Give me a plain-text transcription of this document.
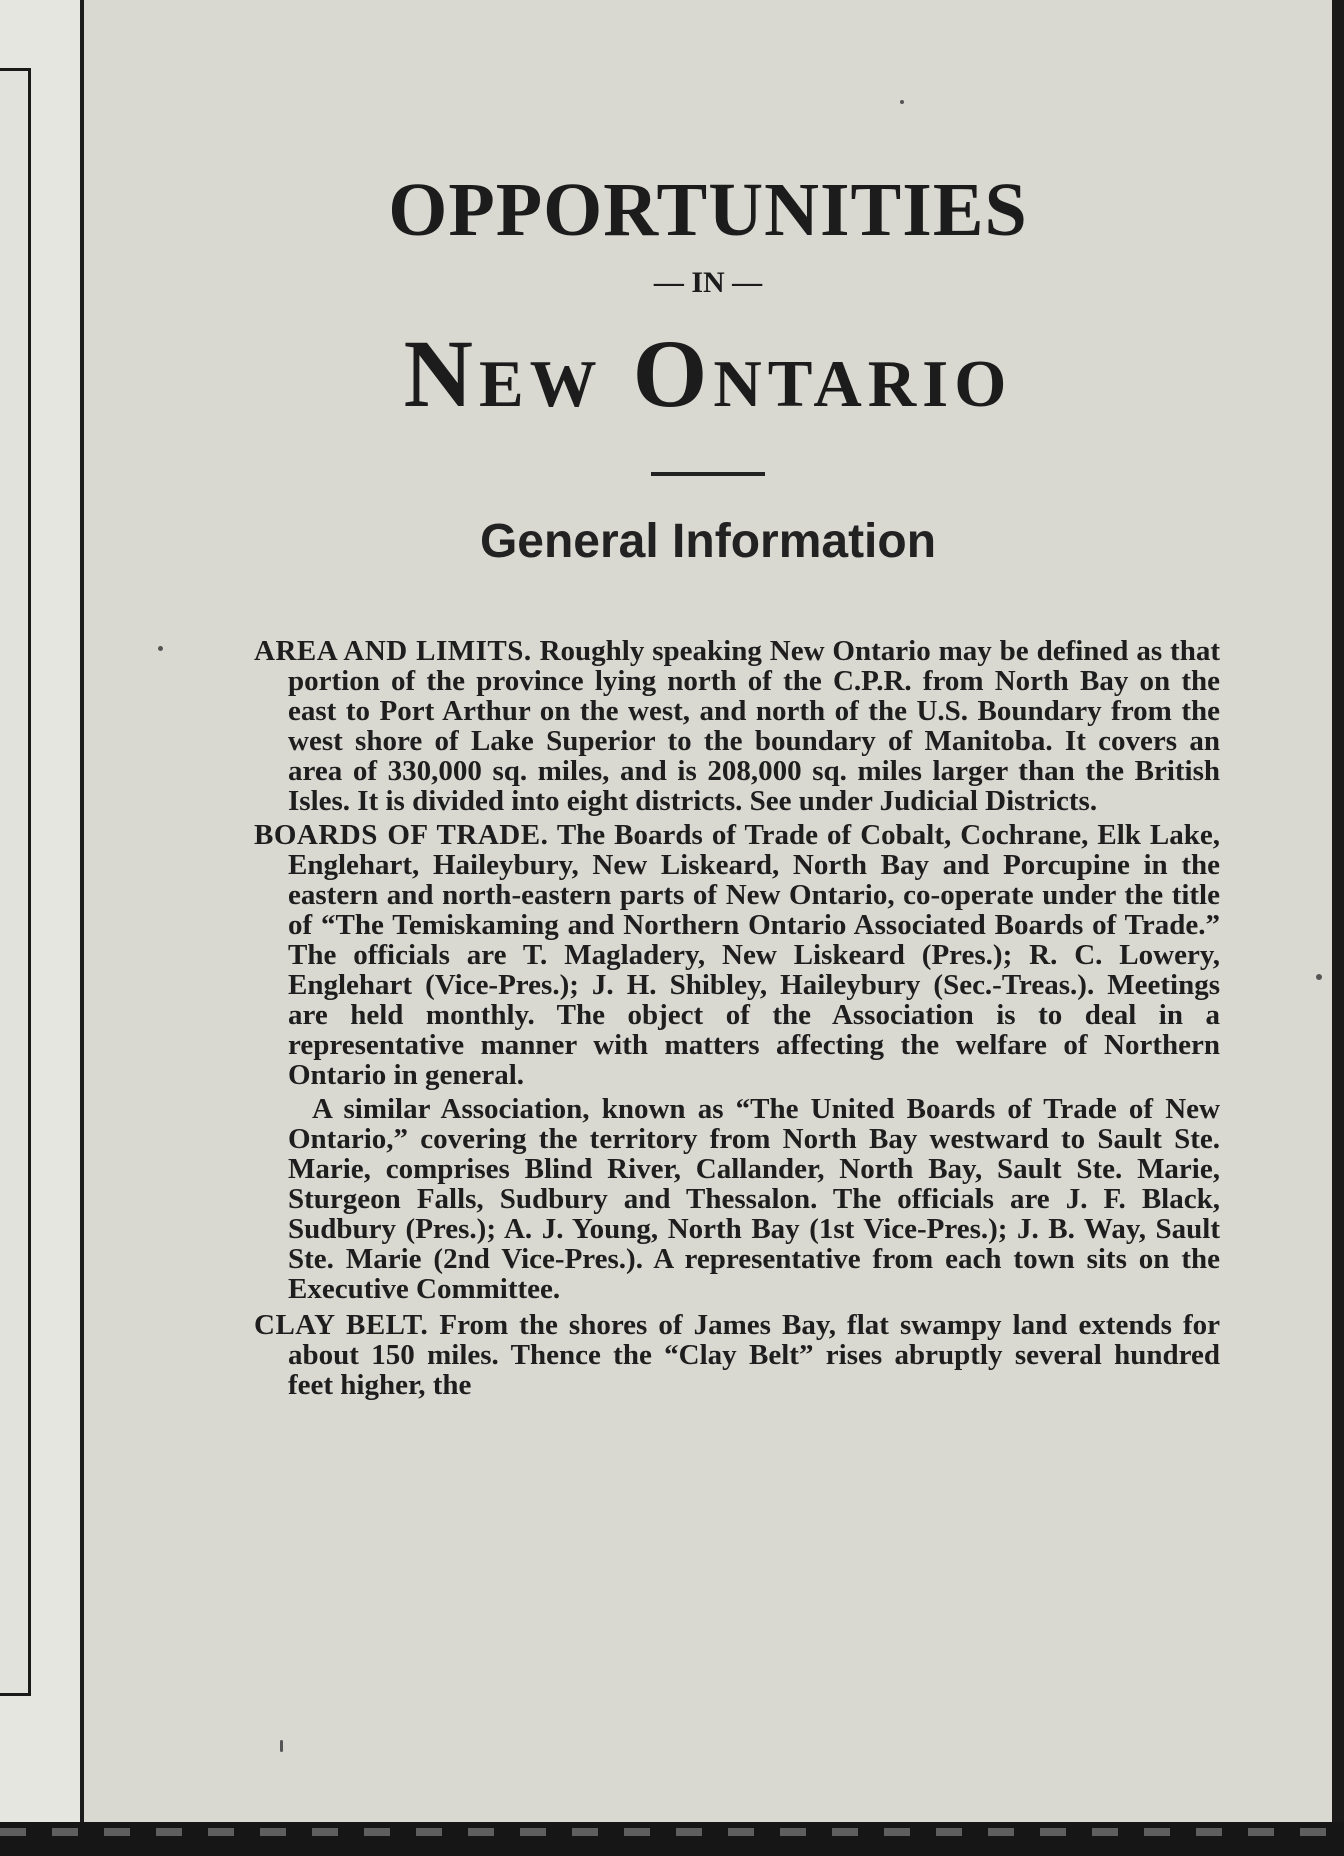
OPPORTUNITIES
— IN —
New Ontario
General Information

AREA AND LIMITS. Roughly speaking New Ontario may be defined as that portion of the province lying north of the C.P.R. from North Bay on the east to Port Arthur on the west, and north of the U.S. Boundary from the west shore of Lake Superior to the boundary of Manitoba. It covers an area of 330,000 sq. miles, and is 208,000 sq. miles larger than the British Isles. It is divided into eight districts. See under Judicial Districts.

BOARDS OF TRADE. The Boards of Trade of Cobalt, Cochrane, Elk Lake, Englehart, Haileybury, New Liskeard, North Bay and Porcupine in the eastern and north-eastern parts of New Ontario, co-operate under the title of “The Temiskaming and Northern Ontario Associated Boards of Trade.” The officials are T. Magladery, New Liskeard (Pres.); R. C. Lowery, Englehart (Vice-Pres.); J. H. Shibley, Haileybury (Sec.-Treas.). Meetings are held monthly. The object of the Association is to deal in a representative manner with matters affecting the welfare of Northern Ontario in general.

A similar Association, known as “The United Boards of Trade of New Ontario,” covering the territory from North Bay westward to Sault Ste. Marie, comprises Blind River, Callander, North Bay, Sault Ste. Marie, Sturgeon Falls, Sudbury and Thessalon. The officials are J. F. Black, Sudbury (Pres.); A. J. Young, North Bay (1st Vice-Pres.); J. B. Way, Sault Ste. Marie (2nd Vice-Pres.). A representative from each town sits on the Executive Committee.

CLAY BELT. From the shores of James Bay, flat swampy land extends for about 150 miles. Thence the “Clay Belt” rises abruptly several hundred feet higher, the
